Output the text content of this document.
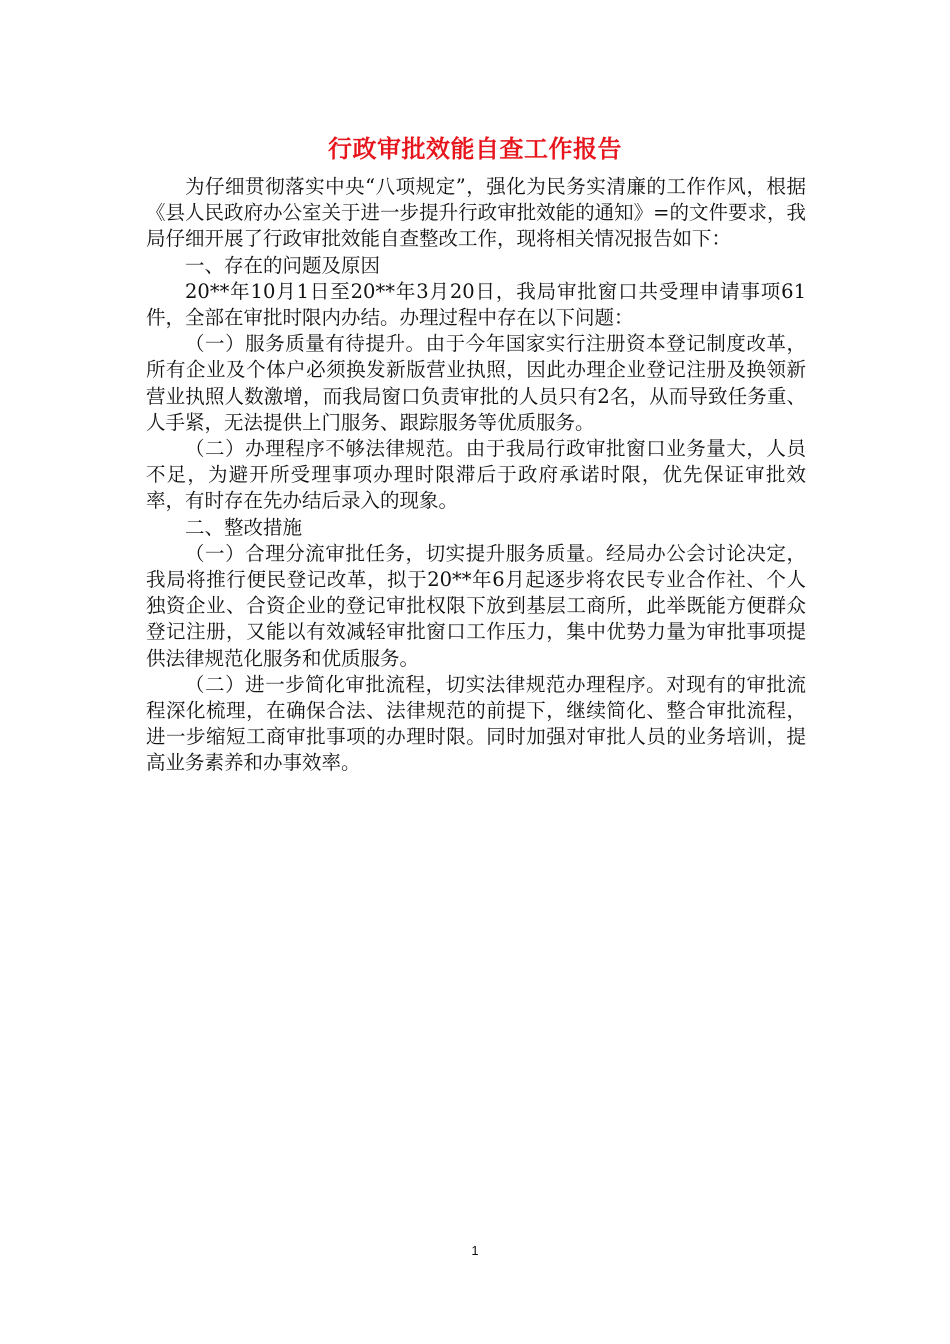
行政审批效能自查工作报告

为仔细贯彻落实中央“八项规定”，强化为民务实清廉的工作作风，根据《县人民政府办公室关于进一步提升行政审批效能的通知》=的文件要求，我局仔细开展了行政审批效能自查整改工作，现将相关情况报告如下：

一、存在的问题及原因

20**年10月1日至20**年3月20日，我局审批窗口共受理申请事项61件，全部在审批时限内办结。办理过程中存在以下问题：

（一）服务质量有待提升。由于今年国家实行注册资本登记制度改革，所有企业及个体户必须换发新版营业执照，因此办理企业登记注册及换领新营业执照人数激增，而我局窗口负责审批的人员只有2名，从而导致任务重、人手紧，无法提供上门服务、跟踪服务等优质服务。

（二）办理程序不够法律规范。由于我局行政审批窗口业务量大，人员不足，为避开所受理事项办理时限滞后于政府承诺时限，优先保证审批效率，有时存在先办结后录入的现象。

二、整改措施

（一）合理分流审批任务，切实提升服务质量。经局办公会讨论决定，我局将推行便民登记改革，拟于20**年6月起逐步将农民专业合作社、个人独资企业、合资企业的登记审批权限下放到基层工商所，此举既能方便群众登记注册，又能以有效减轻审批窗口工作压力，集中优势力量为审批事项提供法律规范化服务和优质服务。

（二）进一步简化审批流程，切实法律规范办理程序。对现有的审批流程深化梳理，在确保合法、法律规范的前提下，继续简化、整合审批流程，进一步缩短工商审批事项的办理时限。同时加强对审批人员的业务培训，提高业务素养和办事效率。

1
